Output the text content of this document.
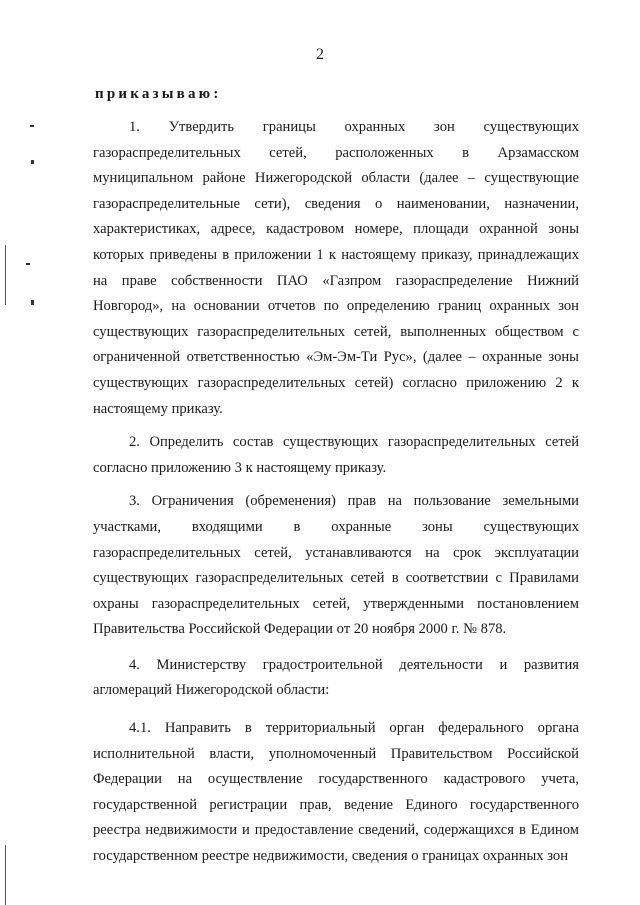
2
приказываю:

1. Утвердить границы охранных зон существующих газораспределительных сетей, расположенных в Арзамасском муниципальном районе Нижегородской области (далее – существующие газораспределительные сети), сведения о наименовании, назначении, характеристиках, адресе, кадастровом номере, площади охранной зоны которых приведены в приложении 1 к настоящему приказу, принадлежащих на праве собственности ПАО «Газпром газораспределение Нижний Новгород», на основании отчетов по определению границ охранных зон существующих газораспределительных сетей, выполненных обществом с ограниченной ответственностью «Эм-Эм-Ти Рус», (далее – охранные зоны существующих газораспределительных сетей) согласно приложению 2 к настоящему приказу.

2. Определить состав существующих газораспределительных сетей согласно приложению 3 к настоящему приказу.

3. Ограничения (обременения) прав на пользование земельными участками, входящими в охранные зоны существующих газораспределительных сетей, устанавливаются на срок эксплуатации существующих газораспределительных сетей в соответствии с Правилами охраны газораспределительных сетей, утвержденными постановлением Правительства Российской Федерации от 20 ноября 2000 г. № 878.

4. Министерству градостроительной деятельности и развития агломераций Нижегородской области:

4.1. Направить в территориальный орган федерального органа исполнительной власти, уполномоченный Правительством Российской Федерации на осуществление государственного кадастрового учета, государственной регистрации прав, ведение Единого государственного реестра недвижимости и предоставление сведений, содержащихся в Едином государственном реестре недвижимости, сведения о границах охранных зон
